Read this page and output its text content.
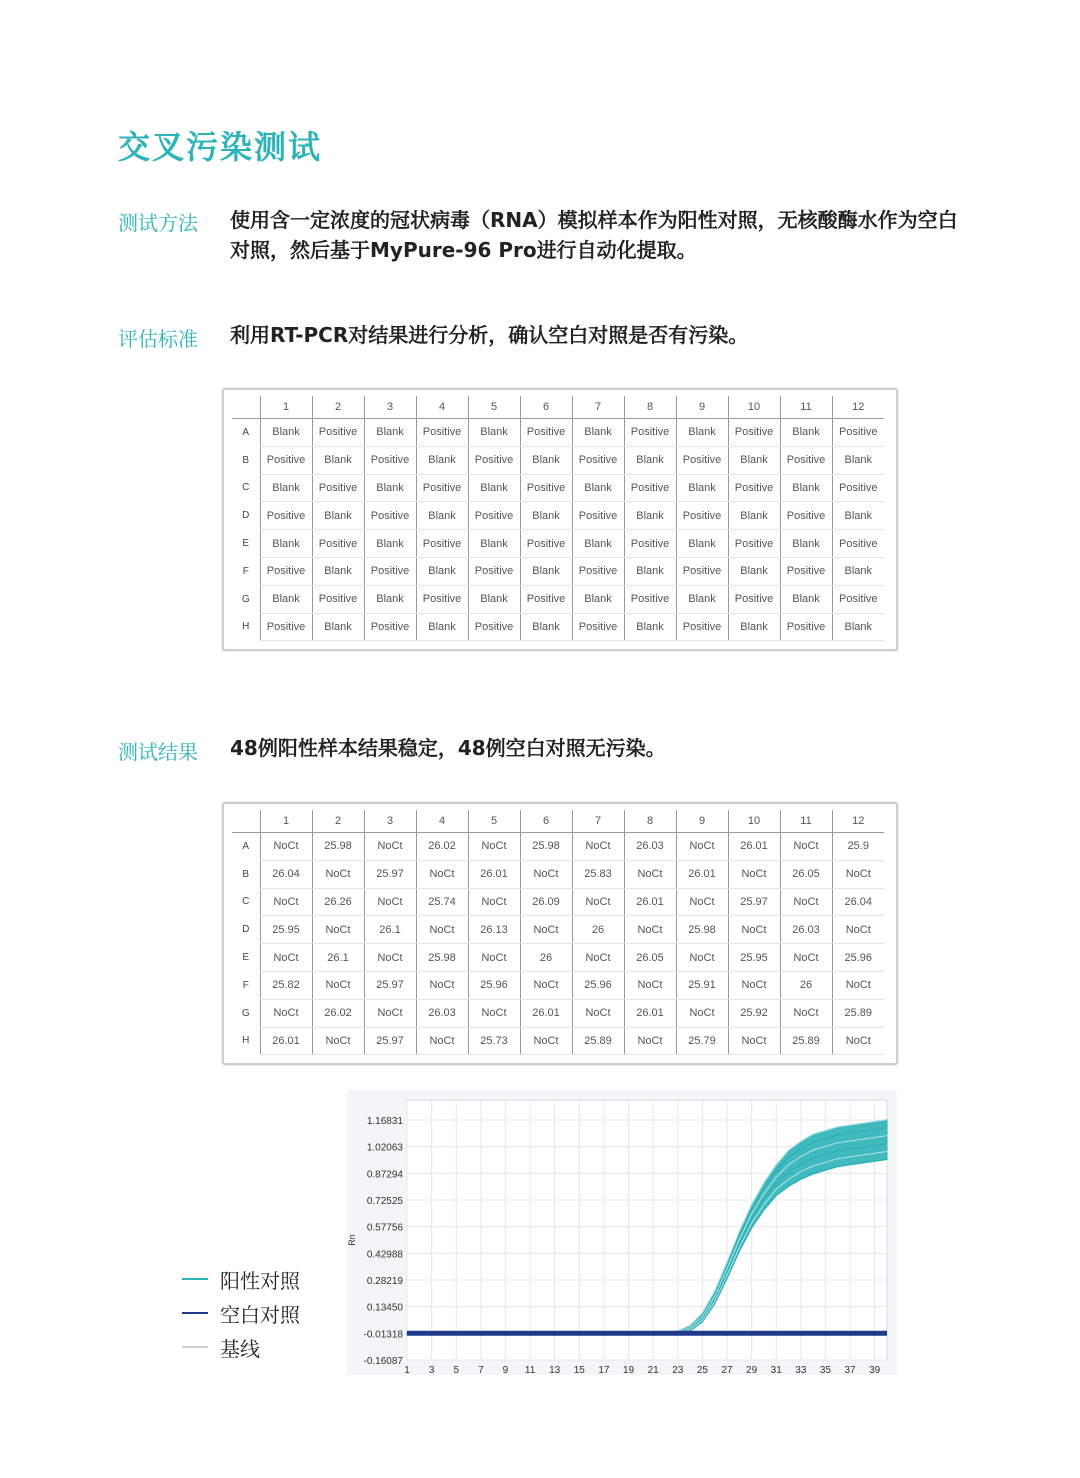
交叉污染测试
测试方法 使用含一定浓度的冠状病毒（RNA）模拟样本作为阳性对照，无核酸酶水作为空白对照，然后基于MyPure-96 Pro进行自动化提取。
评估标准 利用RT-PCR对结果进行分析，确认空白对照是否有污染。
	1	2	3	4	5	6	7	8	9	10	11	12
A	Blank	Positive	Blank	Positive	Blank	Positive	Blank	Positive	Blank	Positive	Blank	Positive
B	Positive	Blank	Positive	Blank	Positive	Blank	Positive	Blank	Positive	Blank	Positive	Blank
C	Blank	Positive	Blank	Positive	Blank	Positive	Blank	Positive	Blank	Positive	Blank	Positive
D	Positive	Blank	Positive	Blank	Positive	Blank	Positive	Blank	Positive	Blank	Positive	Blank
E	Blank	Positive	Blank	Positive	Blank	Positive	Blank	Positive	Blank	Positive	Blank	Positive
F	Positive	Blank	Positive	Blank	Positive	Blank	Positive	Blank	Positive	Blank	Positive	Blank
G	Blank	Positive	Blank	Positive	Blank	Positive	Blank	Positive	Blank	Positive	Blank	Positive
H	Positive	Blank	Positive	Blank	Positive	Blank	Positive	Blank	Positive	Blank	Positive	Blank
测试结果 48例阳性样本结果稳定，48例空白对照无污染。
	1	2	3	4	5	6	7	8	9	10	11	12
A	NoCt	25.98	NoCt	26.02	NoCt	25.98	NoCt	26.03	NoCt	26.01	NoCt	25.9
B	26.04	NoCt	25.97	NoCt	26.01	NoCt	25.83	NoCt	26.01	NoCt	26.05	NoCt
C	NoCt	26.26	NoCt	25.74	NoCt	26.09	NoCt	26.01	NoCt	25.97	NoCt	26.04
D	25.95	NoCt	26.1	NoCt	26.13	NoCt	26	NoCt	25.98	NoCt	26.03	NoCt
E	NoCt	26.1	NoCt	25.98	NoCt	26	NoCt	26.05	NoCt	25.95	NoCt	25.96
F	25.82	NoCt	25.97	NoCt	25.96	NoCt	25.96	NoCt	25.91	NoCt	26	NoCt
G	NoCt	26.02	NoCt	26.03	NoCt	26.01	NoCt	26.01	NoCt	25.92	NoCt	25.89
H	26.01	NoCt	25.97	NoCt	25.73	NoCt	25.89	NoCt	25.79	NoCt	25.89	NoCt
阳性对照
空白对照
基线
1.16831
1.02063
0.87294
0.72525
0.57756
0.42988
0.28219
0.13450
-0.01318
-0.16087
1 3 5 7 9 11 13 15 17 19 21 23 25 27 29 31 33 35 37 39
Rn
